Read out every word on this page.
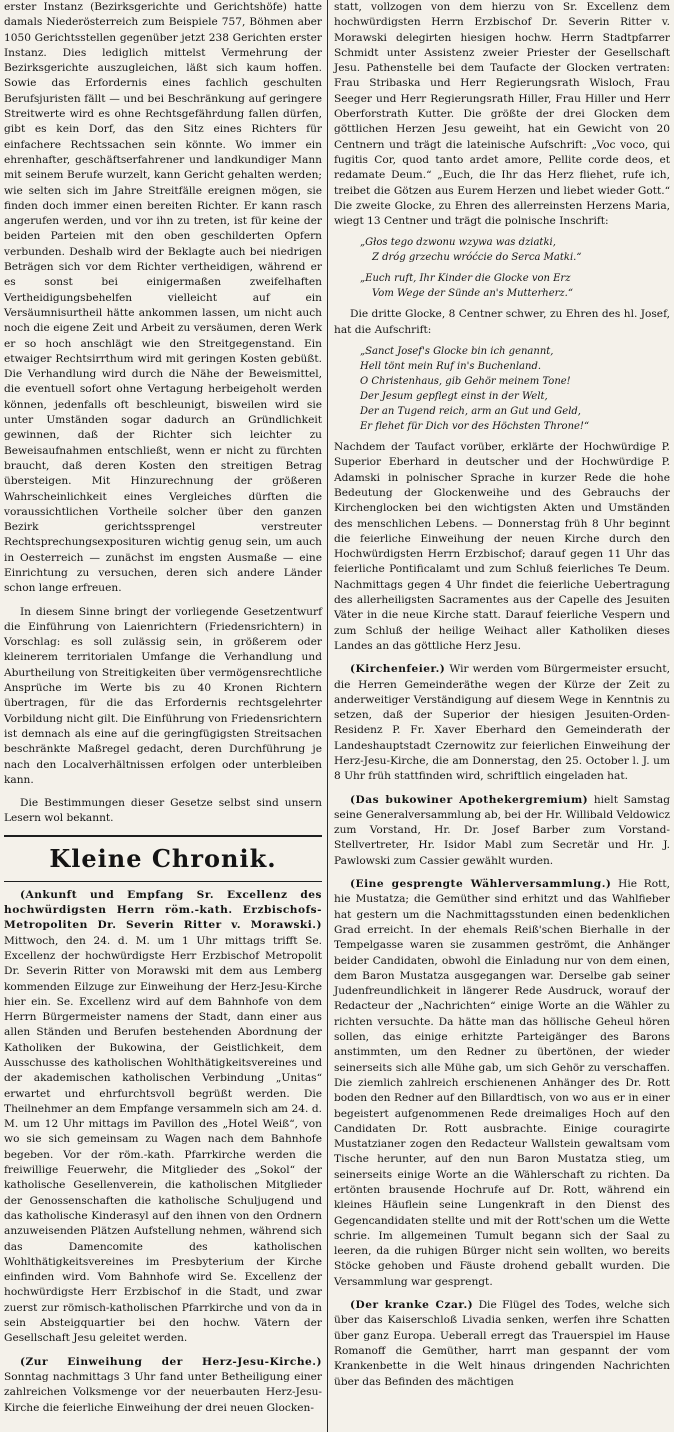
erster Instanz (Bezirksgerichte und Gerichtshöfe) hatte damals Niederösterreich zum Beispiele 757, Böhmen aber 1050 Gerichtsstellen gegenüber jetzt 238 Gerichten erster Instanz. Dies lediglich mittelst Vermehrung der Bezirksgerichte auszugleichen, läßt sich kaum hoffen. Sowie das Erfordernis eines fachlich geschulten Berufsjuristen fällt — und bei Beschränkung auf geringere Streitwerte wird es ohne Rechtsgefährdung fallen dürfen, gibt es kein Dorf, das den Sitz eines Richters für einfachere Rechtssachen sein könnte. Wo immer ein ehrenhafter, geschäftserfahrener und landkundiger Mann mit seinem Berufe wurzelt, kann Gericht gehalten werden; wie selten sich im Jahre Streitfälle ereignen mögen, sie finden doch immer einen bereiten Richter. Er kann rasch angerufen werden, und vor ihn zu treten, ist für keine der beiden Parteien mit den oben geschilderten Opfern verbunden. Deshalb wird der Beklagte auch bei niedrigen Beträgen sich vor dem Richter vertheidigen, während er es sonst bei einigermaßen zweifelhaften Vertheidigungsbehelfen vielleicht auf ein Versäumnisurtheil hätte ankommen lassen, um nicht auch noch die eigene Zeit und Arbeit zu versäumen, deren Werk er so hoch anschlägt wie den Streitgegenstand. Ein etwaiger Rechtsirrthum wird mit geringen Kosten gebüßt. Die Verhandlung wird durch die Nähe der Beweismittel, die eventuell sofort ohne Vertagung herbeigeholt werden können, jedenfalls oft beschleunigt, bisweilen wird sie unter Umständen sogar dadurch an Gründlichkeit gewinnen, daß der Richter sich leichter zu Beweisaufnahmen entschließt, wenn er nicht zu fürchten braucht, daß deren Kosten den streitigen Betrag übersteigen. Mit Hinzurechnung der größeren Wahrscheinlichkeit eines Vergleiches dürften die voraussichtlichen Vortheile solcher über den ganzen Bezirk gerichtssprengel verstreuter Rechtsprechungsexposituren wichtig genug sein, um auch in Oesterreich — zunächst im engsten Ausmaße — eine Einrichtung zu versuchen, deren sich andere Länder schon lange erfreuen.

In diesem Sinne bringt der vorliegende Gesetzentwurf die Einführung von Laienrichtern (Friedensrichtern) in Vorschlag: es soll zulässig sein, in größerem oder kleinerem territorialen Umfange die Verhandlung und Aburtheilung von Streitigkeiten über vermögensrechtliche Ansprüche im Werte bis zu 40 Kronen Richtern übertragen, für die das Erfordernis rechtsgelehrter Vorbildung nicht gilt. Die Einführung von Friedensrichtern ist demnach als eine auf die geringfügigsten Streitsachen beschränkte Maßregel gedacht, deren Durchführung je nach den Localverhältnissen erfolgen oder unterbleiben kann.

Die Bestimmungen dieser Gesetze selbst sind unsern Lesern wol bekannt.

Kleine Chronik.

(Ankunft und Empfang Sr. Excellenz des hochwürdigsten Herrn röm.-kath. Erzbischofs-Metropoliten Dr. Severin Ritter v. Morawski.) Mittwoch, den 24. d. M. um 1 Uhr mittags trifft Se. Excellenz der hochwürdigste Herr Erzbischof Metropolit Dr. Severin Ritter von Morawski mit dem aus Lemberg kommenden Eilzuge zur Einweihung der Herz-Jesu-Kirche hier ein. Se. Excellenz wird auf dem Bahnhofe von dem Herrn Bürgermeister namens der Stadt, dann einer aus allen Ständen und Berufen bestehenden Abordnung der Katholiken der Bukowina, der Geistlichkeit, dem Ausschusse des katholischen Wohlthätigkeitsvereines und der akademischen katholischen Verbindung „Unitas“ erwartet und ehrfurchtsvoll begrüßt werden. Die Theilnehmer an dem Empfange versammeln sich am 24. d. M. um 12 Uhr mittags im Pavillon des „Hotel Weiß“, von wo sie sich gemeinsam zu Wagen nach dem Bahnhofe begeben. Vor der röm.-kath. Pfarrkirche werden die freiwillige Feuerwehr, die Mitglieder des „Sokol“ der katholische Gesellenverein, die katholischen Mitglieder der Genossenschaften die katholische Schuljugend und das katholische Kinderasyl auf den ihnen von den Ordnern anzuweisenden Plätzen Aufstellung nehmen, während sich das Damencomite des katholischen Wohlthätigkeitsvereines im Presbyterium der Kirche einfinden wird. Vom Bahnhofe wird Se. Excellenz der hochwürdigste Herr Erzbischof in die Stadt, und zwar zuerst zur römisch-katholischen Pfarrkirche und von da in sein Absteigquartier bei den hochw. Vätern der Gesellschaft Jesu geleitet werden.

(Zur Einweihung der Herz-Jesu-Kirche.) Sonntag nachmittags 3 Uhr fand unter Betheiligung einer zahlreichen Volksmenge vor der neuerbauten Herz-Jesu-Kirche die feierliche Einweihung der drei neuen Glocken-

statt, vollzogen von dem hierzu von Sr. Excellenz dem hochwürdigsten Herrn Erzbischof Dr. Severin Ritter v. Morawski delegirten hiesigen hochw. Herrn Stadtpfarrer Schmidt unter Assistenz zweier Priester der Gesellschaft Jesu. Pathenstelle bei dem Taufacte der Glocken vertraten: Frau Stribaska und Herr Regierungsrath Wisloch, Frau Seeger und Herr Regierungsrath Hiller, Frau Hiller und Herr Oberforstrath Kutter. Die größte der drei Glocken dem göttlichen Herzen Jesu geweiht, hat ein Gewicht von 20 Centnern und trägt die lateinische Aufschrift: „Voc voco, qui fugitis Cor, quod tanto ardet amore, Pellite corde deos, et redamate Deum.“ „Euch, die Ihr das Herz fliehet, rufe ich, treibet die Götzen aus Eurem Herzen und liebet wieder Gott.“ Die zweite Glocke, zu Ehren des allerreinsten Herzens Maria, wiegt 13 Centner und trägt die polnische Inschrift:

„Głos tego dzwonu wzywa was dziatki,
Z dróg grzechu wróćcie do Serca Matki.“
„Euch ruft, Ihr Kinder die Glocke von Erz
Vom Wege der Sünde an's Mutterherz.“

Die dritte Glocke, 8 Centner schwer, zu Ehren des hl. Josef, hat die Aufschrift:

„Sanct Josef's Glocke bin ich genannt,
Hell tönt mein Ruf in's Buchenland.
O Christenhaus, gib Gehör meinem Tone!
Der Jesum gepflegt einst in der Welt,
Der an Tugend reich, arm an Gut und Geld,
Er flehet für Dich vor des Höchsten Throne!“

Nachdem der Taufact vorüber, erklärte der Hochwürdige P. Superior Eberhard in deutscher und der Hochwürdige P. Adamski in polnischer Sprache in kurzer Rede die hohe Bedeutung der Glockenweihe und des Gebrauchs der Kirchenglocken bei den wichtigsten Akten und Umständen des menschlichen Lebens. — Donnerstag früh 8 Uhr beginnt die feierliche Einweihung der neuen Kirche durch den Hochwürdigsten Herrn Erzbischof; darauf gegen 11 Uhr das feierliche Pontificalamt und zum Schluß feierliches Te Deum. Nachmittags gegen 4 Uhr findet die feierliche Uebertragung des allerheiligsten Sacramentes aus der Capelle des Jesuiten Väter in die neue Kirche statt. Darauf feierliche Vespern und zum Schluß der heilige Weihact aller Katholiken dieses Landes an das göttliche Herz Jesu.

(Kirchenfeier.) Wir werden vom Bürgermeister ersucht, die Herren Gemeinderäthe wegen der Kürze der Zeit zu anderweitiger Verständigung auf diesem Wege in Kenntnis zu setzen, daß der Superior der hiesigen Jesuiten-Orden-Residenz P. Fr. Xaver Eberhard den Gemeinderath der Landeshauptstadt Czernowitz zur feierlichen Einweihung der Herz-Jesu-Kirche, die am Donnerstag, den 25. October l. J. um 8 Uhr früh stattfinden wird, schriftlich eingeladen hat.

(Das bukowiner Apothekergremium) hielt Samstag seine Generalversammlung ab, bei der Hr. Willibald Veldowicz zum Vorstand, Hr. Dr. Josef Barber zum Vorstand-Stellvertreter, Hr. Isidor Mabl zum Secretär und Hr. J. Pawlowski zum Cassier gewählt wurden.

(Eine gesprengte Wählerversammlung.) Hie Rott, hie Mustatza; die Gemüther sind erhitzt und das Wahlfieber hat gestern um die Nachmittagsstunden einen bedenklichen Grad erreicht. In der ehemals Reiß'schen Bierhalle in der Tempelgasse waren sie zusammen geströmt, die Anhänger beider Candidaten, obwohl die Einladung nur von dem einen, dem Baron Mustatza ausgegangen war. Derselbe gab seiner Judenfreundlichkeit in längerer Rede Ausdruck, worauf der Redacteur der „Nachrichten“ einige Worte an die Wähler zu richten versuchte. Da hätte man das höllische Geheul hören sollen, das einige erhitzte Parteigänger des Barons anstimmten, um den Redner zu übertönen, der wieder seinerseits sich alle Mühe gab, um sich Gehör zu verschaffen. Die ziemlich zahlreich erschienenen Anhänger des Dr. Rott boden den Redner auf den Billardtisch, von wo aus er in einer begeistert aufgenommenen Rede dreimaliges Hoch auf den Candidaten Dr. Rott ausbrachte. Einige couragirte Mustatzianer zogen den Redacteur Wallstein gewaltsam vom Tische herunter, auf den nun Baron Mustatza stieg, um seinerseits einige Worte an die Wählerschaft zu richten. Da ertönten brausende Hochrufe auf Dr. Rott, während ein kleines Häuflein seine Lungenkraft in den Dienst des Gegencandidaten stellte und mit der Rott'schen um die Wette schrie. Im allgemeinen Tumult begann sich der Saal zu leeren, da die ruhigen Bürger nicht sein wollten, wo bereits Stöcke gehoben und Fäuste drohend geballt wurden. Die Versammlung war gesprengt.

(Der kranke Czar.) Die Flügel des Todes, welche sich über das Kaiserschloß Livadia senken, werfen ihre Schatten über ganz Europa. Ueberall erregt das Trauerspiel im Hause Romanoff die Gemüther, harrt man gespannt der vom Krankenbette in die Welt hinaus dringenden Nachrichten über das Befinden des mächtigen
